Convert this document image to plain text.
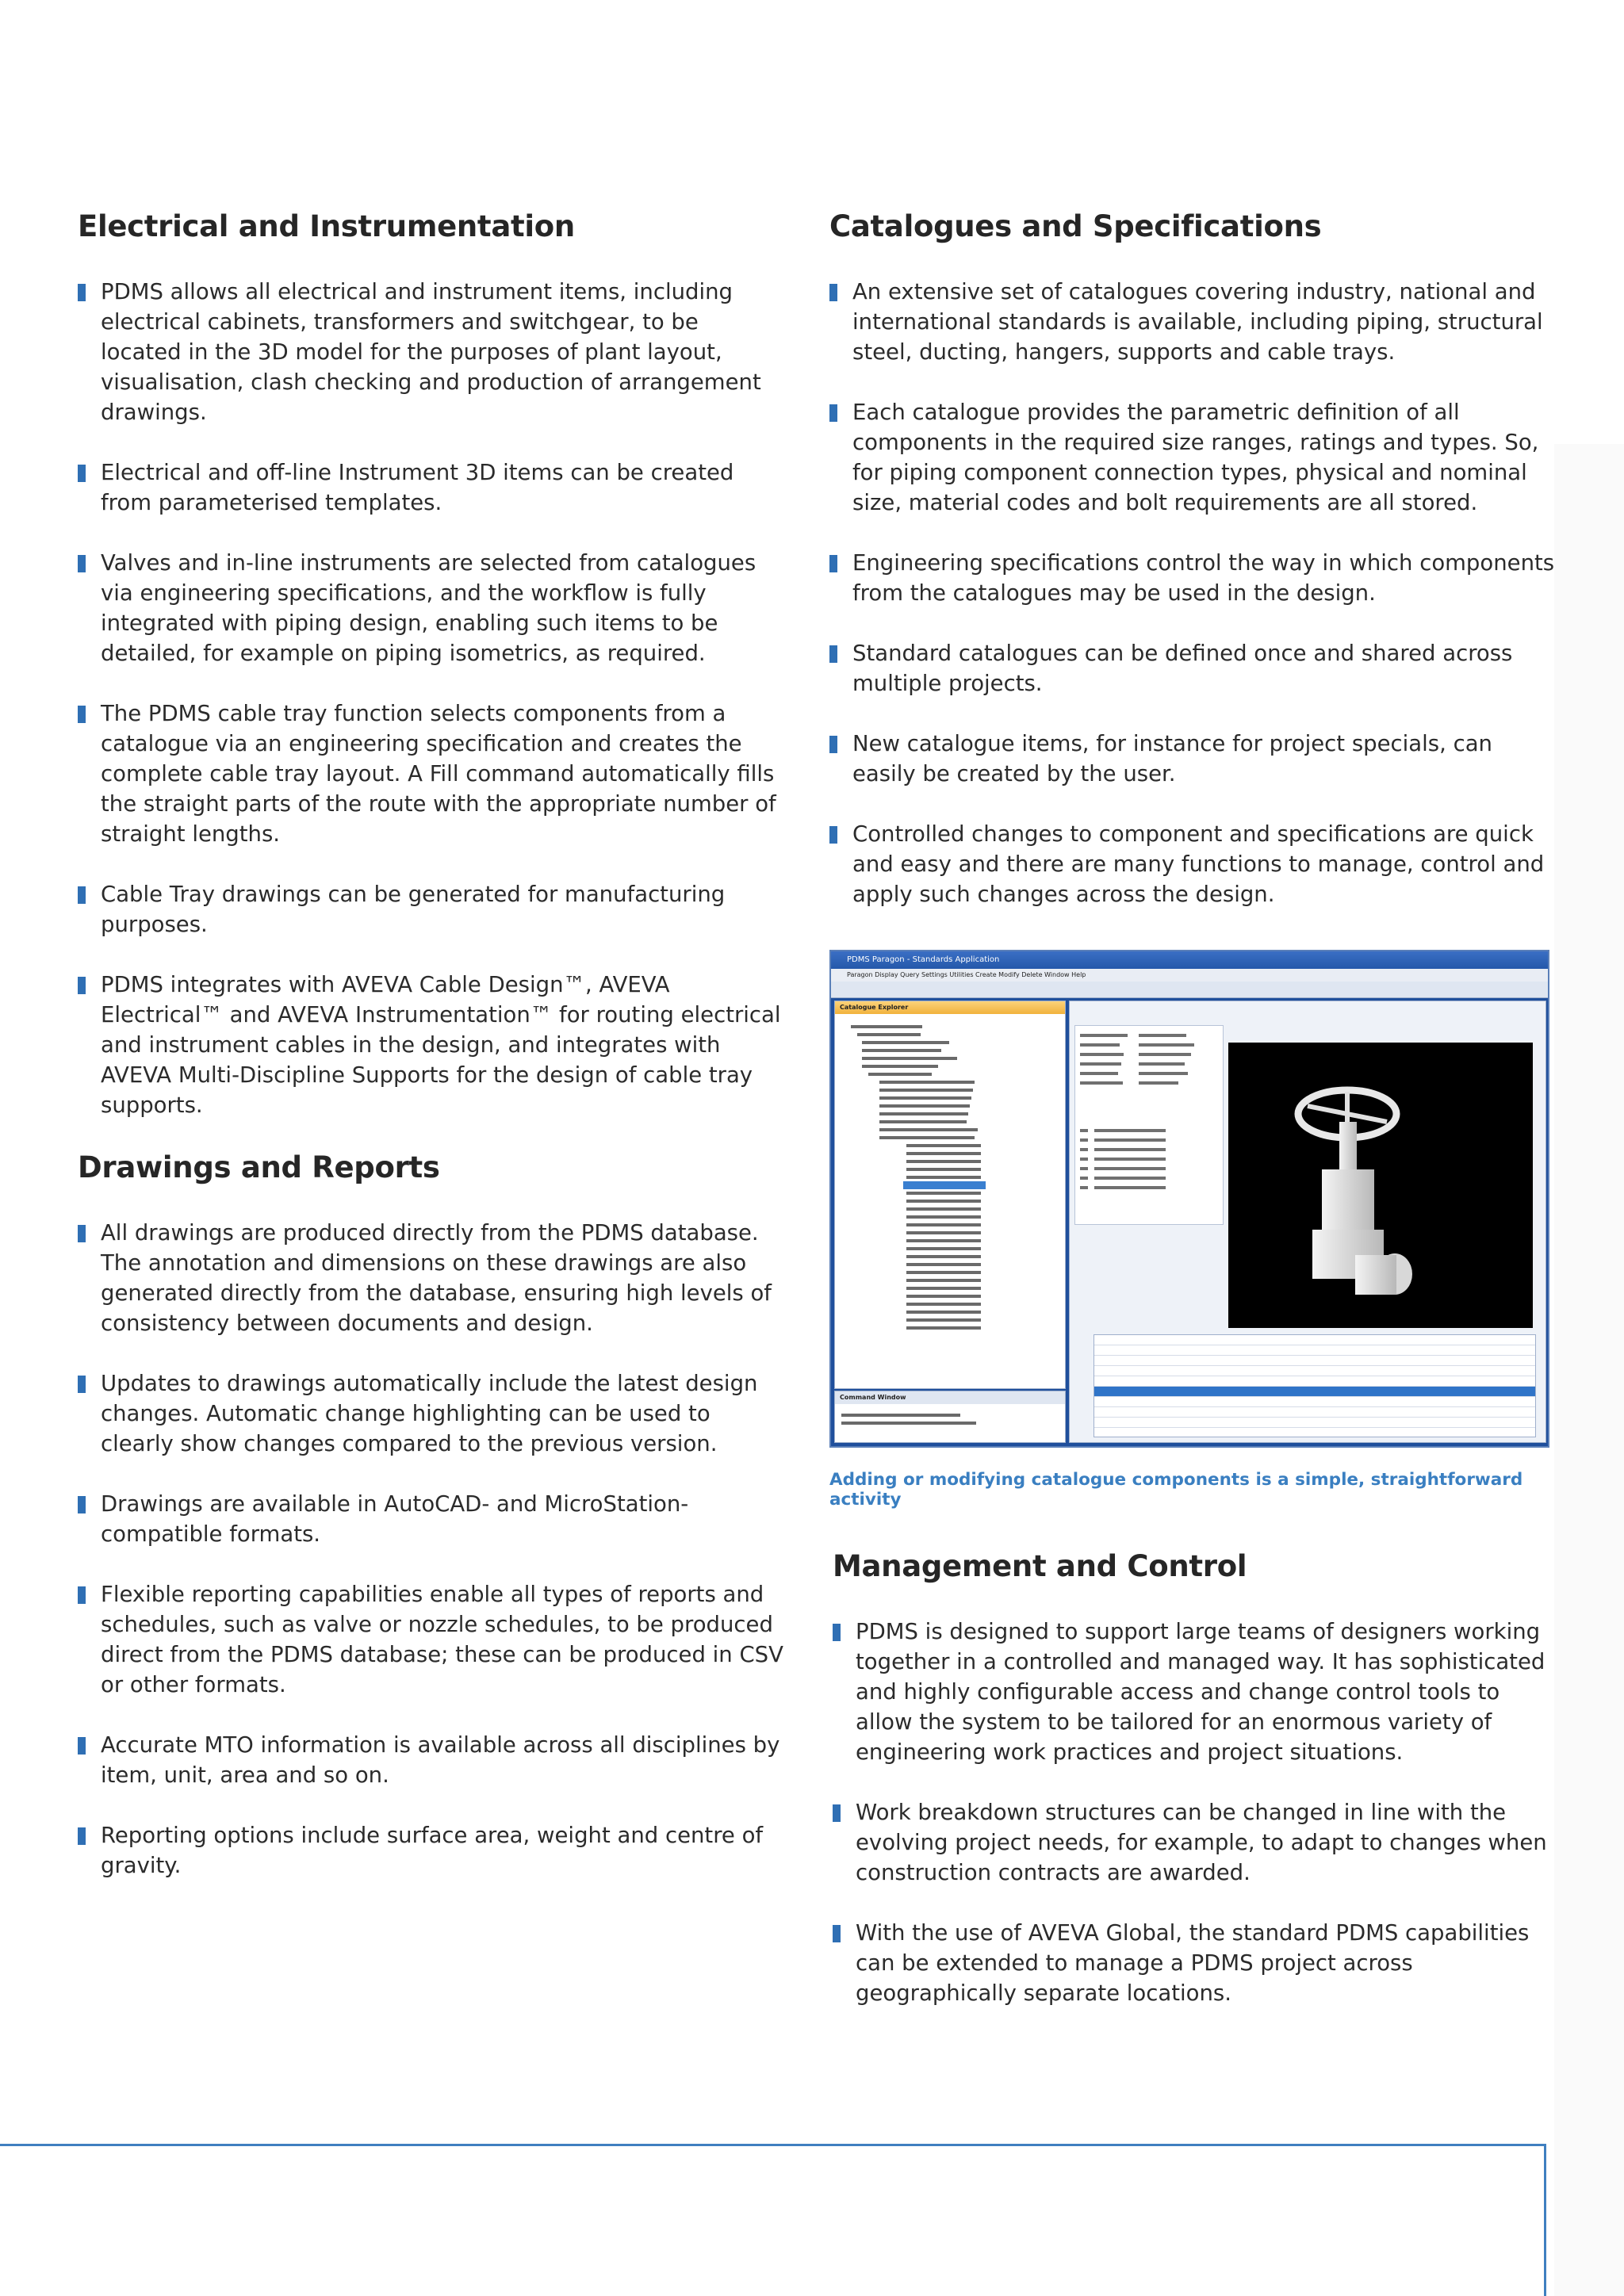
Electrical and Instrumentation
PDMS allows all electrical and instrument items, including electrical cabinets, transformers and switchgear, to be located in the 3D model for the purposes of plant layout, visualisation, clash checking and production of arrangement drawings.
Electrical and off-line Instrument 3D items can be created from parameterised templates.
Valves and in-line instruments are selected from catalogues via engineering specifications, and the workflow is fully integrated with piping design, enabling such items to be detailed, for example on piping isometrics, as required.
The PDMS cable tray function selects components from a catalogue via an engineering specification and creates the complete cable tray layout. A Fill command automatically fills the straight parts of the route with the appropriate number of straight lengths.
Cable Tray drawings can be generated for manufacturing purposes.
PDMS integrates with AVEVA Cable Design™, AVEVA Electrical™ and AVEVA Instrumentation™ for routing electrical and instrument cables in the design, and integrates with AVEVA Multi-Discipline Supports for the design of cable tray supports.
Drawings and Reports
All drawings are produced directly from the PDMS database. The annotation and dimensions on these drawings are also generated directly from the database, ensuring high levels of consistency between documents and design.
Updates to drawings automatically include the latest design changes. Automatic change highlighting can be used to clearly show changes compared to the previous version.
Drawings are available in AutoCAD- and MicroStation-compatible formats.
Flexible reporting capabilities enable all types of reports and schedules, such as valve or nozzle schedules, to be produced direct from the PDMS database; these can be produced in CSV or other formats.
Accurate MTO information is available across all disciplines by item, unit, area and so on.
Reporting options include surface area, weight and centre of gravity.
Catalogues and Specifications
An extensive set of catalogues covering industry, national and international standards is available, including piping, structural steel, ducting, hangers, supports and cable trays.
Each catalogue provides the parametric definition of all components in the required size ranges, ratings and types. So, for piping component connection types, physical and nominal size, material codes and bolt requirements are all stored.
Engineering specifications control the way in which components from the catalogues may be used in the design.
Standard catalogues can be defined once and shared across multiple projects.
New catalogue items, for instance for project specials, can easily be created by the user.
Controlled changes to component and specifications are quick and easy and there are many functions to manage, control and apply such changes across the design.
PDMS Paragon - Standards Application
Paragon Display Query Settings Utilities Create Modify Delete Window Help
Catalogue Explorer
Command Window
Adding or modifying catalogue components is a simple, straightforward activity
Management and Control
PDMS is designed to support large teams of designers working together in a controlled and managed way. It has sophisticated and highly configurable access and change control tools to allow the system to be tailored for an enormous variety of engineering work practices and project situations.
Work breakdown structures can be changed in line with the evolving project needs, for example, to adapt to changes when construction contracts are awarded.
With the use of AVEVA Global, the standard PDMS capabilities can be extended to manage a PDMS project across geographically separate locations.
